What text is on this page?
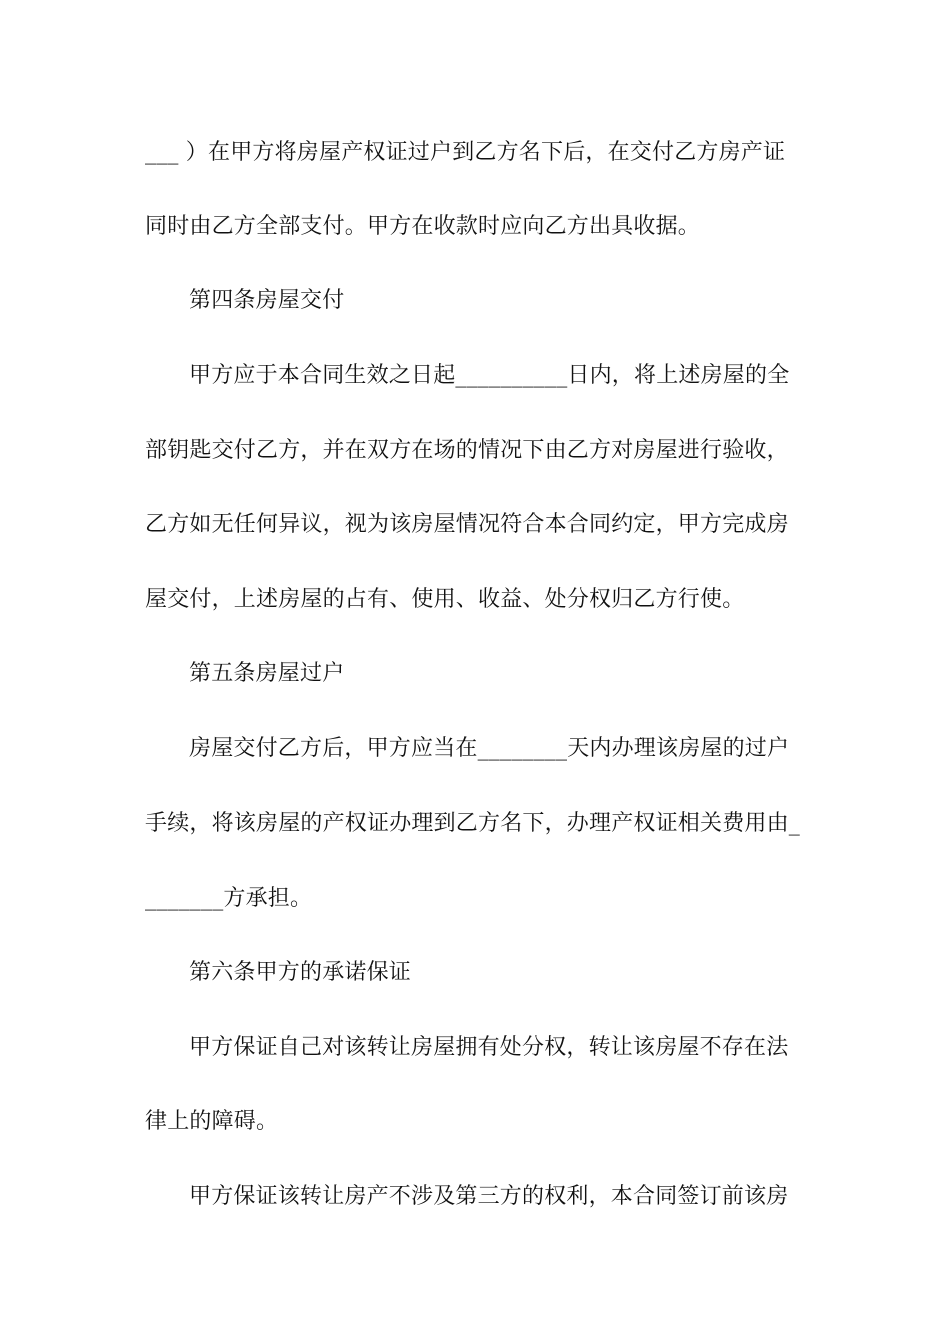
___ ）在甲方将房屋产权证过户到乙方名下后，在交付乙方房产证
同时由乙方全部支付。甲方在收款时应向乙方出具收据。
第四条房屋交付
甲方应于本合同生效之日起__________日内，将上述房屋的全
部钥匙交付乙方，并在双方在场的情况下由乙方对房屋进行验收，
乙方如无任何异议，视为该房屋情况符合本合同约定，甲方完成房
屋交付，上述房屋的占有、使用、收益、处分权归乙方行使。
第五条房屋过户
房屋交付乙方后，甲方应当在________天内办理该房屋的过户
手续，将该房屋的产权证办理到乙方名下，办理产权证相关费用由_
_______方承担。
第六条甲方的承诺保证
甲方保证自己对该转让房屋拥有处分权，转让该房屋不存在法
律上的障碍。
甲方保证该转让房产不涉及第三方的权利，本合同签订前该房
